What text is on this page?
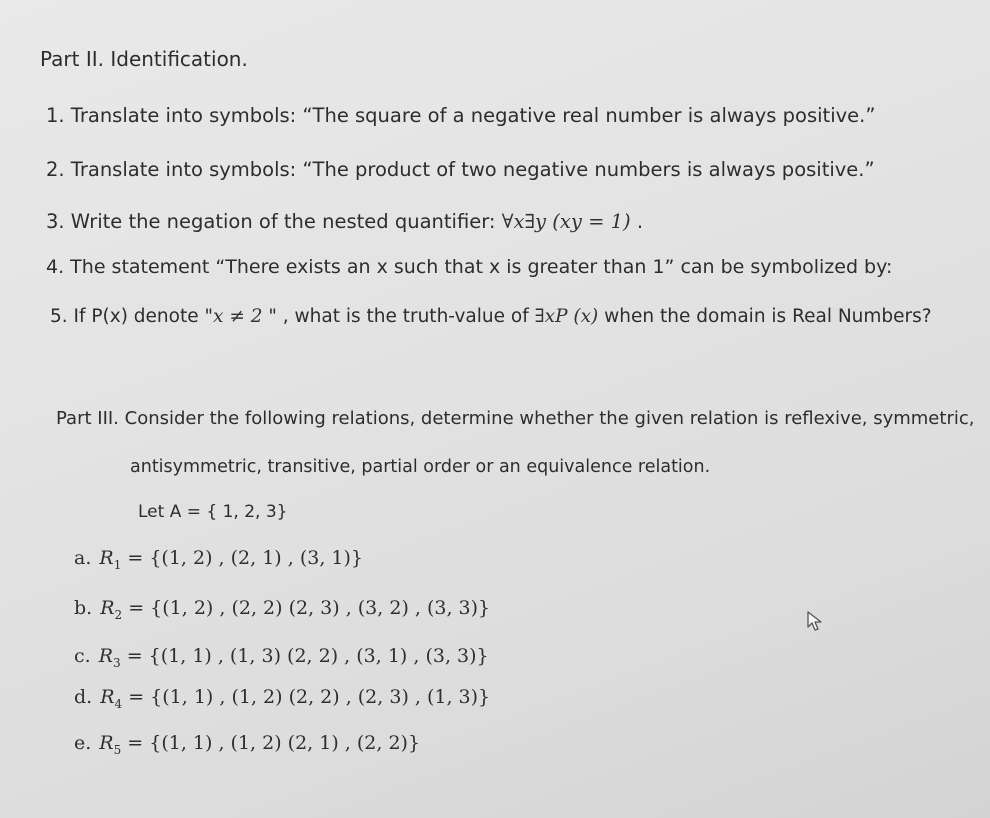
Part II. Identification.
1. Translate into symbols: “The square of a negative real number is always positive.”
2. Translate into symbols: “The product of two negative numbers is always positive.”
3. Write the negation of the nested quantifier: ∀x∃y (xy = 1) .
4. The statement “There exists an x such that x is greater than 1” can be symbolized by:
5. If P(x) denote "x ≠ 2 " , what is the truth-value of ∃xP (x) when the domain is Real Numbers?
Part III. Consider the following relations, determine whether the given relation is reflexive, symmetric,
antisymmetric, transitive, partial order or an equivalence relation.
Let A = { 1, 2, 3}
a. $R_1 = \{(1$, 2) , (2, 1) , (3, 1)}
b. $R_2 = \{(1$, 2) , (2, 2) (2, 3) , (3, 2) , (3, 3)}
c. $R_3 = \{(1$, 1) , (1, 3) (2, 2) , (3, 1) , (3, 3)}
d. $R_4 = \{(1$, 1) , (1, 2) (2, 2) , (2, 3) , (1, 3)}
e. $R_5 = \{(1$, 1) , (1, 2) (2, 1) , (2, 2)}
